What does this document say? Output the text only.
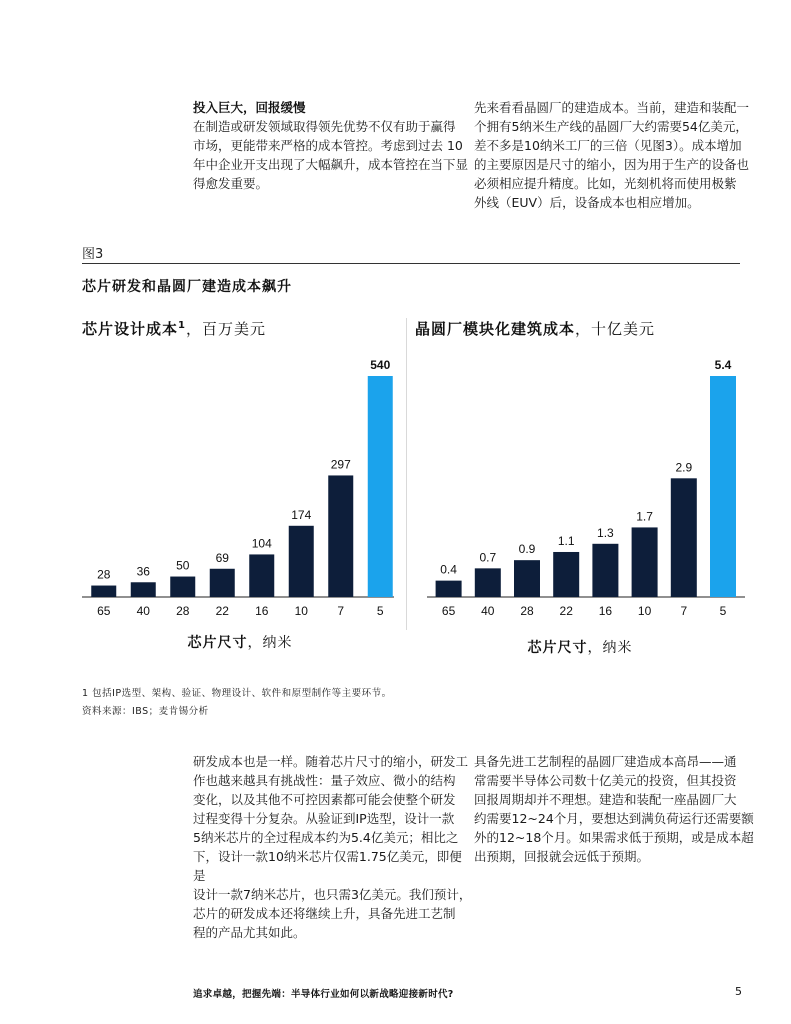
投入巨大，回报缓慢
在制造或研发领域取得领先优势不仅有助于赢得
市场，更能带来严格的成本管控。考虑到过去 10
年中企业开支出现了大幅飙升，成本管控在当下显
得愈发重要。
先来看看晶圆厂的建造成本。当前，建造和装配一
个拥有5纳米生产线的晶圆厂大约需要54亿美元，
差不多是10纳米工厂的三倍（见图3）。成本增加
的主要原因是尺寸的缩小，因为用于生产的设备也
必须相应提升精度。比如，光刻机将而使用极紫
外线（EUV）后，设备成本也相应增加。
图3
芯片研发和晶圆厂建造成本飙升
芯片设计成本$^1$，百万美元	晶圆厂模块化建筑成本，十亿美元
28
65
36
40
50
28
69
22
104
16
174
10
297
7
540
5
0.4
65
0.7
40
0.9
28
1.1
22
1.3
16
1.7
10
2.9
7
5.4
5
芯片尺寸，纳米	芯片尺寸，纳米
1 包括IP选型、架构、验证、物理设计、软件和原型制作等主要环节。
资料来源：IBS；麦肯锡分析
研发成本也是一样。随着芯片尺寸的缩小，研发工
作也越来越具有挑战性：量子效应、微小的结构
变化，以及其他不可控因素都可能会使整个研发
过程变得十分复杂。从验证到IP选型，设计一款
5纳米芯片的全过程成本约为5.4亿美元；相比之
下，设计一款10纳米芯片仅需1.75亿美元，即便是
设计一款7纳米芯片，也只需3亿美元。我们预计，
芯片的研发成本还将继续上升，具备先进工艺制
程的产品尤其如此。
具备先进工艺制程的晶圆厂建造成本高昂——通
常需要半导体公司数十亿美元的投资，但其投资
回报周期却并不理想。建造和装配一座晶圆厂大
约需要12~24个月，要想达到满负荷运行还需要额
外的12~18个月。如果需求低于预期，或是成本超
出预期，回报就会远低于预期。
追求卓越，把握先端：半导体行业如何以新战略迎接新时代?	5
